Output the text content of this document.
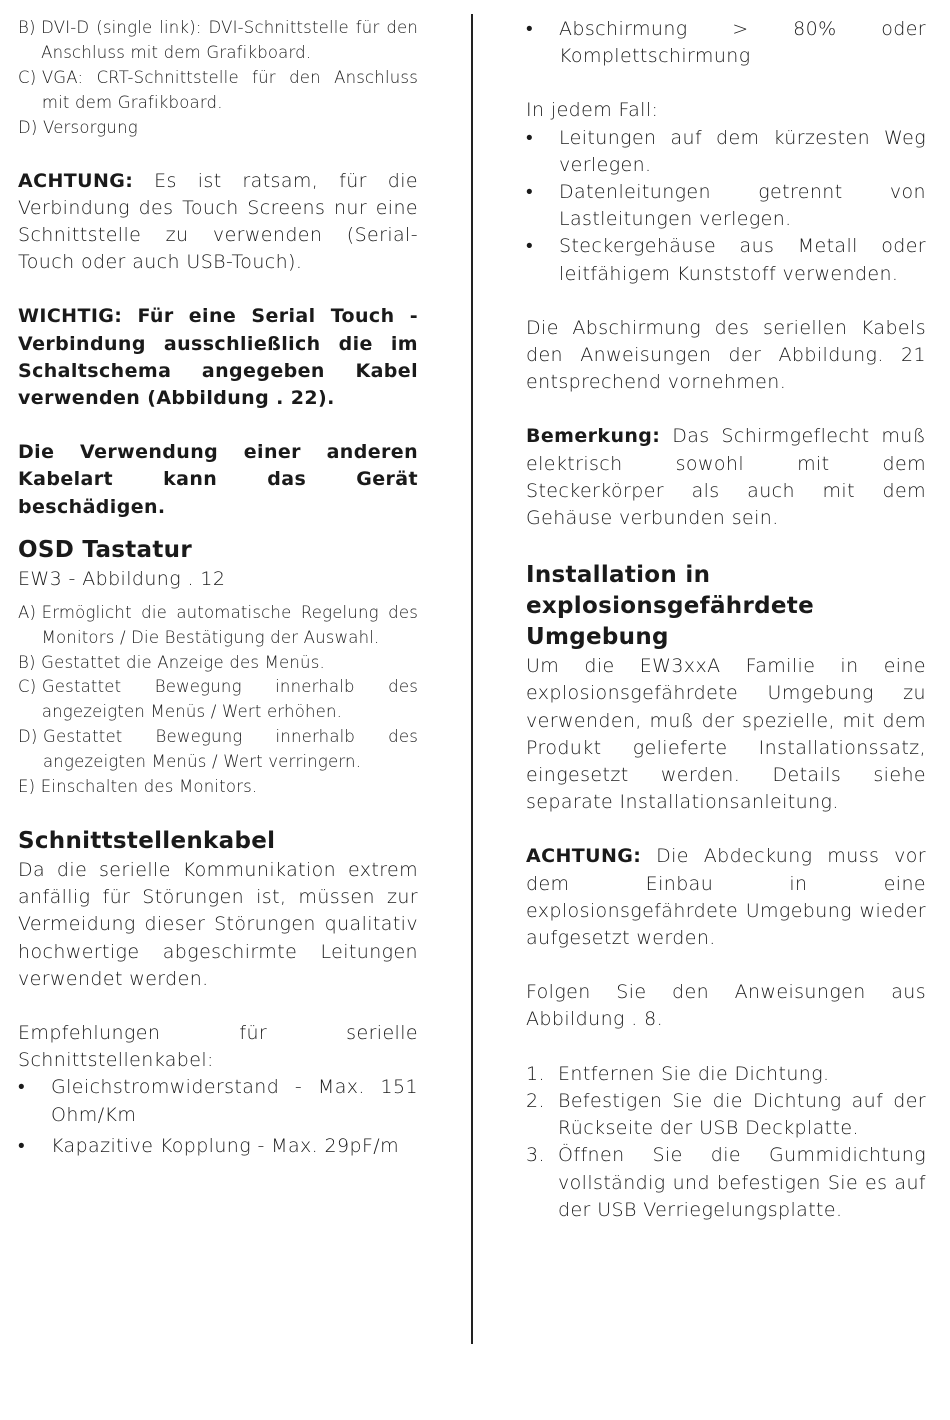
B)
DVI-D (single link): DVI-Schnittstelle für den Anschluss mit dem Grafikboard.
C)
VGA: CRT-Schnittstelle für den Anschluss mit dem Grafikboard.
D)
Versorgung

ACHTUNG: Es ist ratsam, für die Verbindung des Touch Screens nur eine Schnittstelle zu verwenden (Serial-Touch oder auch USB-Touch).

WICHTIG: Für eine Serial Touch - Verbindung ausschließlich die im Schaltschema angegeben Kabel verwenden (Abbildung . 22).

Die Verwendung einer anderen Kabelart kann das Gerät beschädigen.

OSD Tastatur
EW3 - Abbildung . 12
A)
Ermöglicht die automatische Regelung des Monitors / Die Bestätigung der Auswahl.
B)
Gestattet die Anzeige des Menüs.
C)
Gestattet Bewegung innerhalb des angezeigten Menüs / Wert erhöhen.
D)
Gestattet Bewegung innerhalb des angezeigten Menüs / Wert verringern.
E)
Einschalten des Monitors.
Schnittstellenkabel

Da die serielle Kommunikation extrem anfällig für Störungen ist, müssen zur Vermeidung dieser Störungen qualitativ hochwertige abgeschirmte Leitungen verwendet werden.

Empfehlungen für serielle Schnittstellenkabel:

•	Gleichstromwiderstand - Max. 151 Ohm/Km
•	Kapazitive Kopplung - Max. 29pF/m
•	Abschirmung > 80% oder Komplettschirmung

In jedem Fall:

•	Leitungen auf dem kürzesten Weg verlegen.
•	Datenleitungen getrennt von Lastleitungen verlegen.
•	Steckergehäuse aus Metall oder leitfähigem Kunststoff verwenden.

Die Abschirmung des seriellen Kabels den Anweisungen der Abbildung. 21 entsprechend vornehmen.

Bemerkung: Das Schirmgeflecht muß elektrisch sowohl mit dem Steckerkörper als auch mit dem Gehäuse verbunden sein.

Installation in explosionsgefährdete Umgebung

Um die EW3xxA Familie in eine explosionsgefährdete Umgebung zu verwenden, muß der spezielle, mit dem Produkt gelieferte Installationssatz, eingesetzt werden. Details siehe separate Installationsanleitung.

ACHTUNG: Die Abdeckung muss vor dem Einbau in eine explosionsgefährdete Umgebung wieder aufgesetzt werden.

Folgen Sie den Anweisungen aus Abbildung . 8.

1. Entfernen Sie die Dichtung.
2. Befestigen Sie die Dichtung auf der Rückseite der USB Deckplatte.
3. Öffnen Sie die Gummidichtung vollständig und befestigen Sie es auf der USB Verriegelungsplatte.
